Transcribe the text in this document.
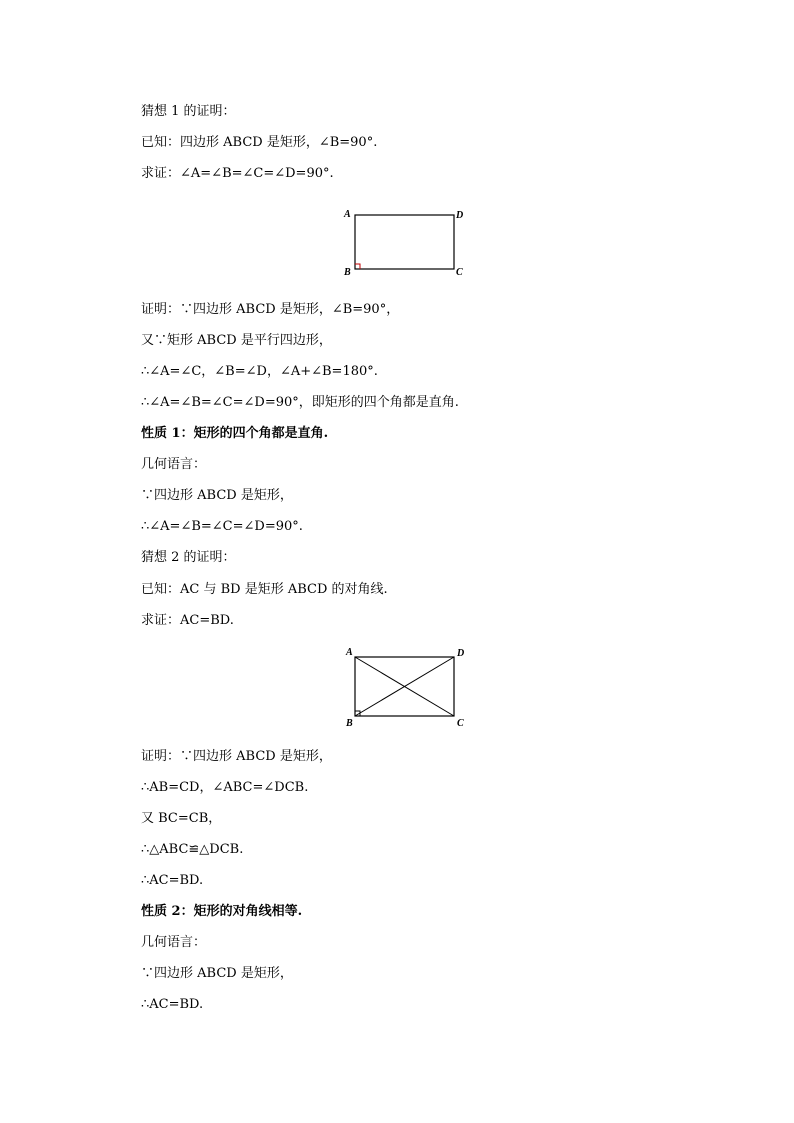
猜想 1 的证明：

已知：四边形 ABCD 是矩形，∠B=90°.

求证：∠A=∠B=∠C=∠D=90°.

A	D
B	C

证明：∵四边形 ABCD 是矩形，∠B=90°，

又∵矩形 ABCD 是平行四边形，

∴∠A=∠C，∠B=∠D，∠A+∠B=180°.

∴∠A=∠B=∠C=∠D=90°，即矩形的四个角都是直角.

性质 1：矩形的四个角都是直角.

几何语言：

∵四边形 ABCD 是矩形，

∴∠A=∠B=∠C=∠D=90°.

猜想 2 的证明：

已知：AC 与 BD 是矩形 ABCD 的对角线.

求证：AC=BD.

A	D
B	C

证明：∵四边形 ABCD 是矩形，

∴AB=CD，∠ABC=∠DCB.

又 BC=CB，

∴△ABC≌△DCB.

∴AC=BD.

性质 2：矩形的对角线相等.

几何语言：

∵四边形 ABCD 是矩形，

∴AC=BD.
